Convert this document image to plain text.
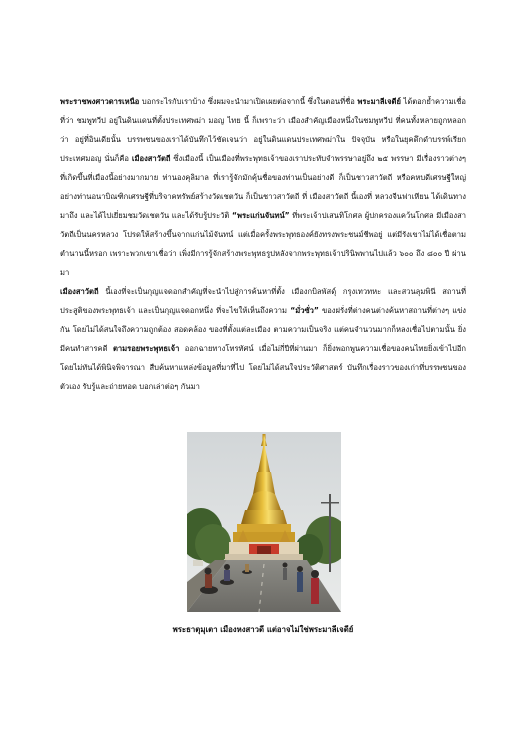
พระราชพงศาวดารเหนือ บอกระไรกับเราบ้าง ซึ่งผมจะนำมาเปิดเผยต่อจากนี้ ซึ่งในตอนที่ชื่อ พระมาลีเจดีย์ ได้ตอกย้ำความเชื่อที่ว่า ชมพูทวีป อยู่ในดินแดนที่ตั้งประเทศพม่า มอญ ไทย นี้ ก็เพราะว่า เมืองสำคัญเมืองหนึ่งในชมพูทวีป ที่คนทั้งหลายถูกหลอกว่า อยู่ที่อินเดียนั้น บรรพชนของเราได้บันทึกไว้ชัดเจนว่า อยู่ในดินแดนประเทศพม่าใน ปัจจุบัน หรือในยุคดึกดำบรรพ์เรียกประเทศมอญ นั่นก็คือ เมืองสาวัตถี ซึ่งเมืองนี้ เป็นเมืองที่พระพุทธเจ้าของเราประทับจำพรรษาอยู่ถึง ๒๕ พรรษา มีเรื่องราวต่างๆ ที่เกิดขึ้นที่เมืองนี้อย่างมากมาย ท่านองคุลิมาล ที่เรารู้จักมักคุ้นชื่อของท่านเป็นอย่างดี ก็เป็นชาวสาวัตถี หรือคหบดีเศรษฐีใหญ่อย่างท่านอนาบิณฑิกเศรษฐีที่บริจาคทรัพย์สร้างวัดเชตวัน ก็เป็นชาวสาวัตถี ที่ เมืองสาวัตถี นี้เองที่ หลวงจีนฟาเหียน ได้เดินทางมาถึง และได้ไปเยี่ยมชมวัดเชตวัน และได้รับรู้ประวัติ “พระแก่นจันทน์” ที่พระเจ้าปเสนทิโกศล ผู้ปกครองแคว้นโกศล มีเมืองสาวัตถีเป็นนครหลวง โปรดให้สร้างขึ้นจากแก่นไม้จันทน์ แต่เมื่อครั้งพระพุทธองค์ยังทรงพระชนม์ชีพอยู่ แต่มีรังเขาไม่ได้เชื่อตามตำนานนี้หรอก เพราะพวกเขาเชื่อว่า เพิ่งมีการรู้จักสร้างพระพุทธรูปหลังจากพระพุทธเจ้าปรินิพพานไปแล้ว ๖๐๐ ถึง ๘๐๐ ปี ผ่านมา

เมืองสาวัตถี นี้เองที่จะเป็นกุญแจดอกสำคัญที่จะนำไปสู่การค้นหาที่ตั้ง เมืองกบิลพัสดุ์ กรุงเทวทหะ และสวนลุมพินี สถานที่ประสูติของพระพุทธเจ้า และเป็นกุญแจดอกหนึ่ง ที่จะไขให้เห็นถึงความ “มั่วซั่ว” ของฝรั่งที่ต่างคนต่างค้นหาสถานที่ต่างๆ แข่งกัน โดยไม่ได้สนใจถึงความถูกต้อง สอดคล้อง ของที่ตั้งแต่ละเมือง ตามความเป็นจริง แต่คนจำนวนมากก็หลงเชื่อไปตามนั้น ยิ่งมีคนทำสารคดี ตามรอยพระพุทธเจ้า ออกฉายทางโทรทัศน์ เมื่อไม่กี่ปีที่ผ่านมา ก็ยิ่งพอกพูนความเชื่อของคนไทยยิ่งเข้าไปอีก โดยไม่ทันได้พินิจพิจารณา สืบค้นหาแหล่งข้อมูลที่มาที่ไป โดยไม่ได้สนใจประวัติศาสตร์ บันทึกเรื่องราวของเก่าที่บรรพชนของตัวเอง รับรู้และถ่ายทอด บอกเล่าต่อๆ กันมา

พระธาตุมุเตา เมืองหงสาวดี แต่อาจไม่ใช่พระมาลีเจดีย์
